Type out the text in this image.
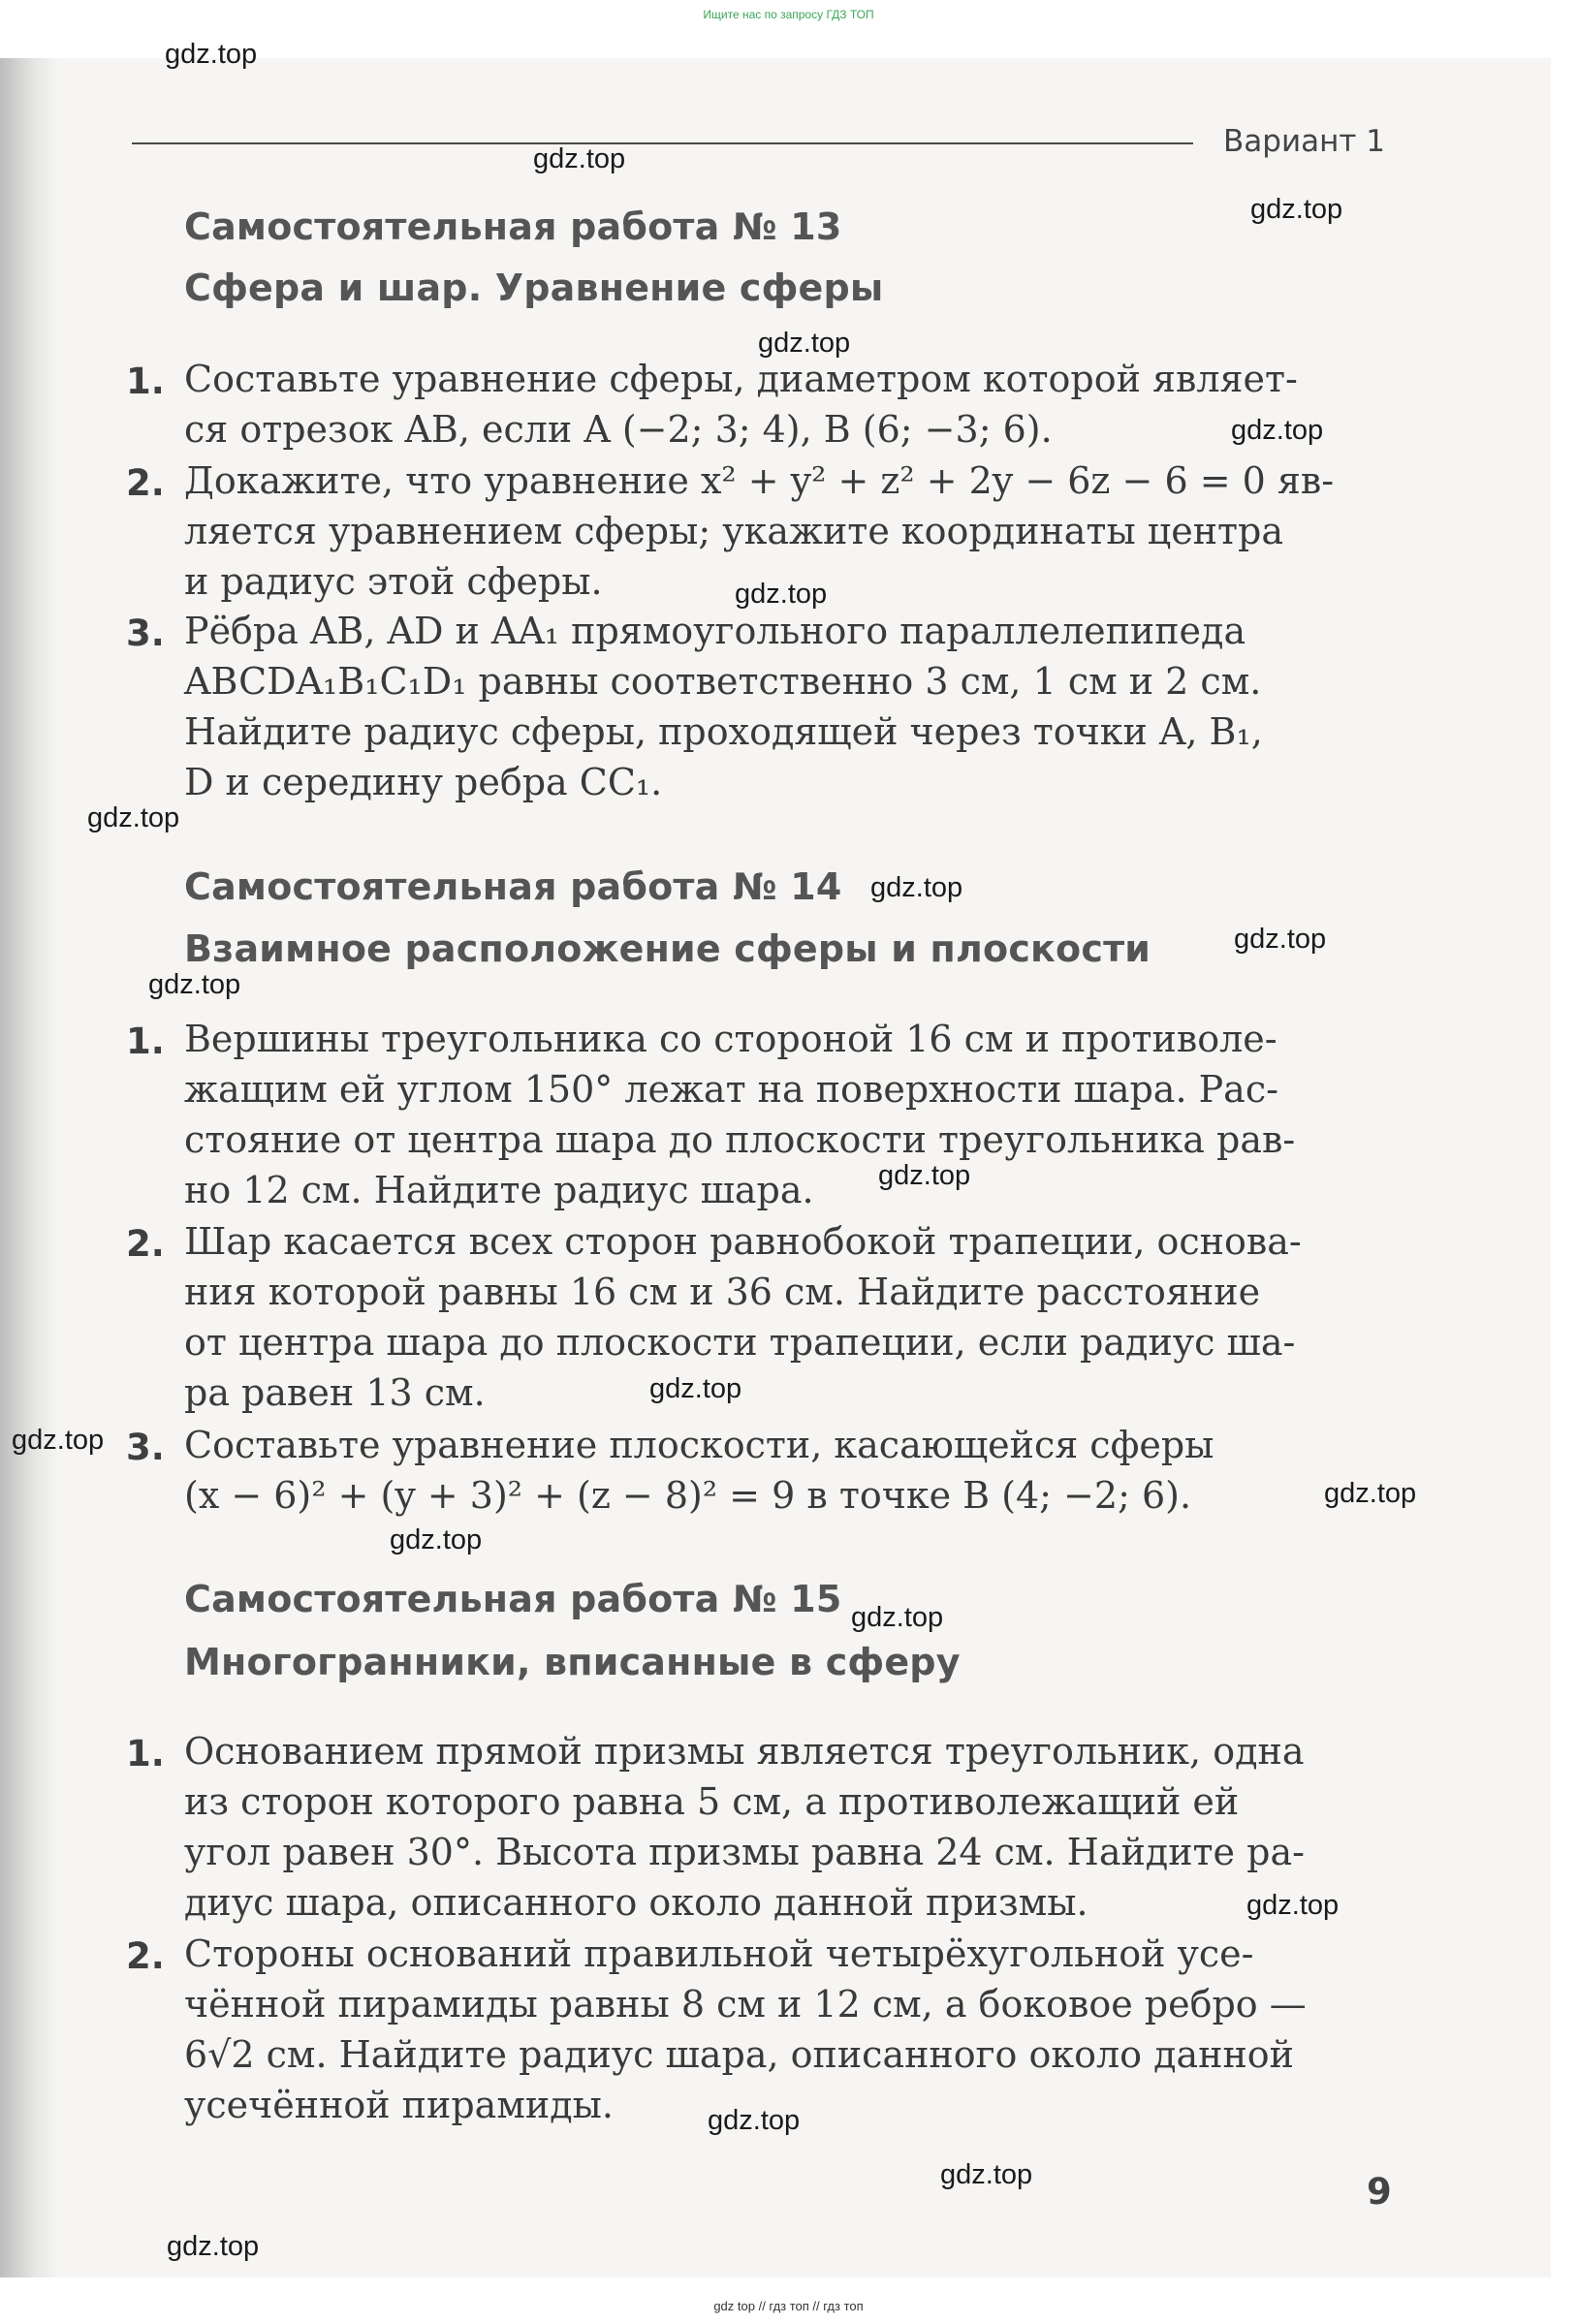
Ищите нас по запросу ГДЗ ТОП
Вариант 1
Самостоятельная работа № 13
Сфера и шар. Уравнение сферы
1. Составьте уравнение сферы, диаметром которой являет-
ся отрезок AB, если A (−2; 3; 4), B (6; −3; 6).
2. Докажите, что уравнение x² + y² + z² + 2y − 6z − 6 = 0 яв-
ляется уравнением сферы; укажите координаты центра
и радиус этой сферы.
3. Рёбра AB, AD и AA₁ прямоугольного параллелепипеда
ABCDA₁B₁C₁D₁ равны соответственно 3 см, 1 см и 2 см.
Найдите радиус сферы, проходящей через точки A, B₁,
D и середину ребра CC₁.
Самостоятельная работа № 14
Взаимное расположение сферы и плоскости
1. Вершины треугольника со стороной 16 см и противоле-
жащим ей углом 150° лежат на поверхности шара. Рас-
стояние от центра шара до плоскости треугольника рав-
но 12 см. Найдите радиус шара.
2. Шар касается всех сторон равнобокой трапеции, основа-
ния которой равны 16 см и 36 см. Найдите расстояние
от центра шара до плоскости трапеции, если радиус ша-
ра равен 13 см.
3. Составьте уравнение плоскости, касающейся сферы
(x − 6)² + (y + 3)² + (z − 8)² = 9 в точке B (4; −2; 6).
Самостоятельная работа № 15
Многогранники, вписанные в сферу
1. Основанием прямой призмы является треугольник, одна
из сторон которого равна 5 см, а противолежащий ей
угол равен 30°. Высота призмы равна 24 см. Найдите ра-
диус шара, описанного около данной призмы.
2. Стороны оснований правильной четырёхугольной усе-
чённой пирамиды равны 8 см и 12 см, а боковое ребро —
6√2 см. Найдите радиус шара, описанного около данной
усечённой пирамиды.
9
gdz.top
gdz.top
gdz.top
gdz.top
gdz.top
gdz.top
gdz.top
gdz.top
gdz.top
gdz.top
gdz.top
gdz.top
gdz.top
gdz.top
gdz.top
gdz.top
gdz.top
gdz.top
gdz.top
gdz.top
gdz top // гдз топ // гдз топ
